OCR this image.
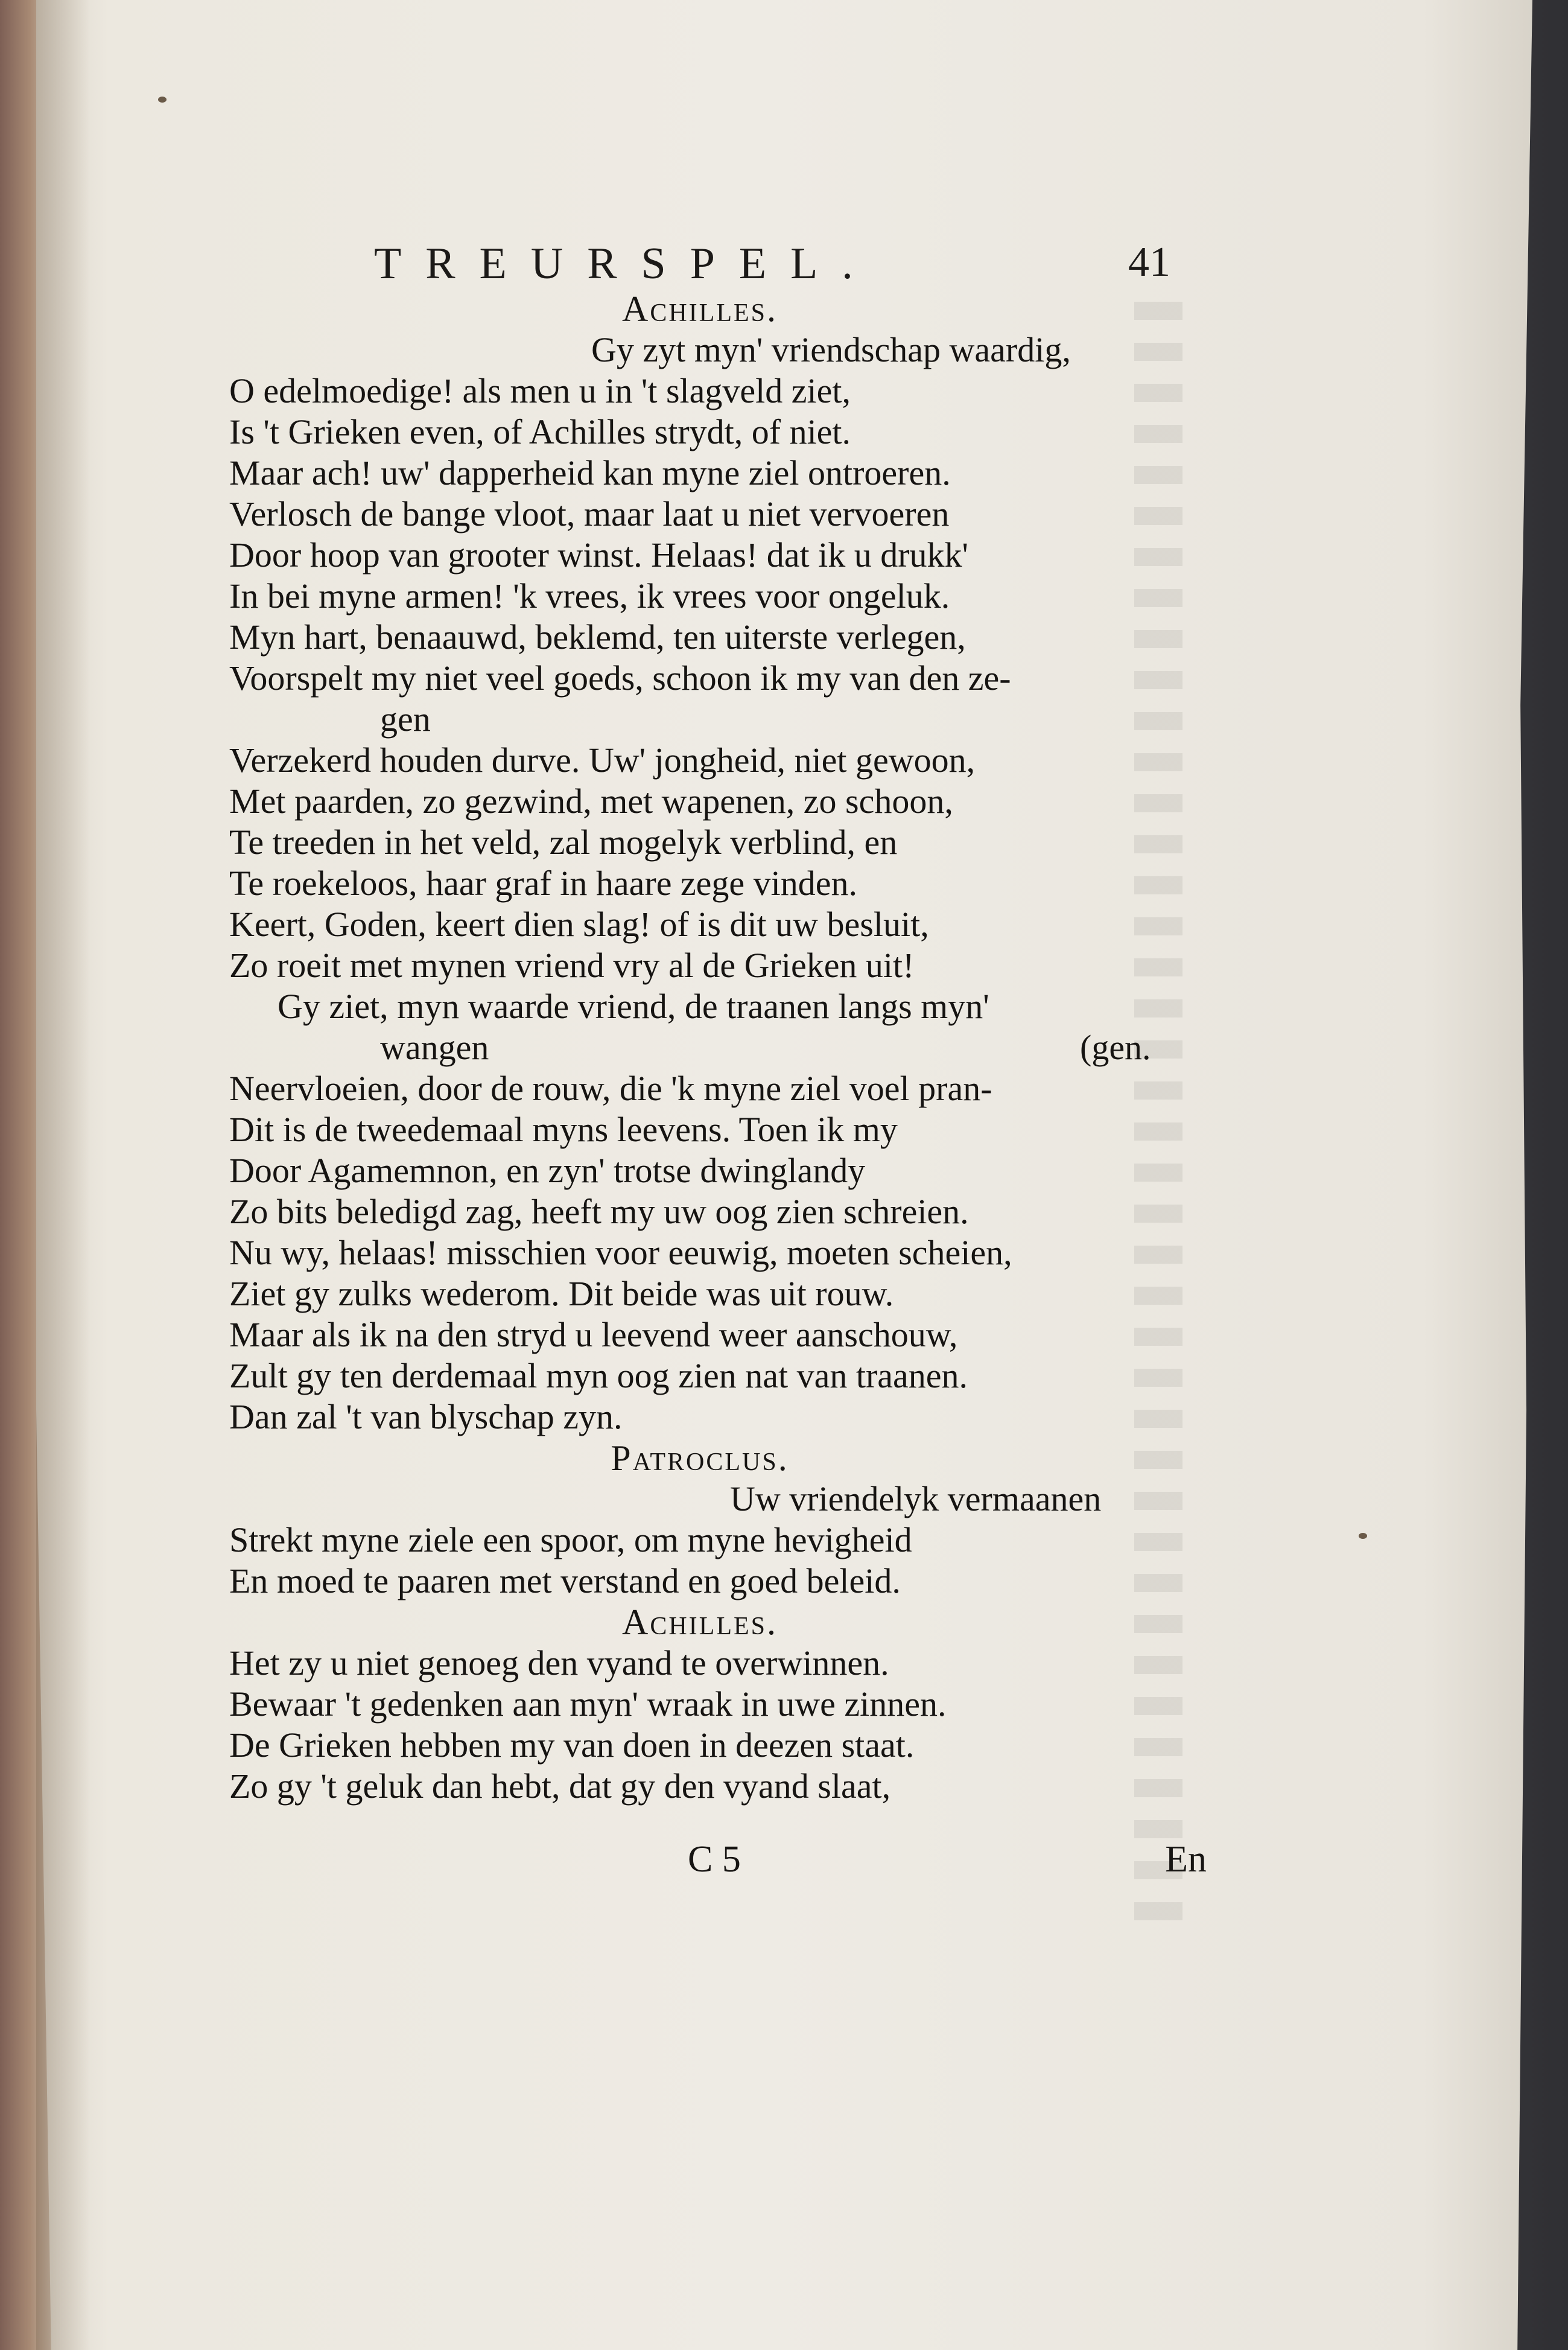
TREURSPEL.	41
Achilles.
Gy zyt myn' vriendschap waardig,
O edelmoedige! als men u in 't slagveld ziet,
Is 't Grieken even, of Achilles strydt, of niet.
Maar ach! uw' dapperheid kan myne ziel ontroeren.
Verlosch de bange vloot, maar laat u niet vervoeren
Door hoop van grooter winst. Helaas! dat ik u drukk'
In bei myne armen! 'k vrees, ik vrees voor ongeluk.
Myn hart, benaauwd, beklemd, ten uiterste verlegen,
Voorspelt my niet veel goeds, schoon ik my van den ze-
gen
Verzekerd houden durve. Uw' jongheid, niet gewoon,
Met paarden, zo gezwind, met wapenen, zo schoon,
Te treeden in het veld, zal mogelyk verblind, en
Te roekeloos, haar graf in haare zege vinden.
Keert, Goden, keert dien slag! of is dit uw besluit,
Zo roeit met mynen vriend vry al de Grieken uit!
Gy ziet, myn waarde vriend, de traanen langs myn'
wangen	(gen.
Neervloeien, door de rouw, die 'k myne ziel voel pran-
Dit is de tweedemaal myns leevens. Toen ik my
Door Agamemnon, en zyn' trotse dwinglandy
Zo bits beledigd zag, heeft my uw oog zien schreien.
Nu wy, helaas! misschien voor eeuwig, moeten scheien,
Ziet gy zulks wederom. Dit beide was uit rouw.
Maar als ik na den stryd u leevend weer aanschouw,
Zult gy ten derdemaal myn oog zien nat van traanen.
Dan zal 't van blyschap zyn.
Patroclus.
Uw vriendelyk vermaanen
Strekt myne ziele een spoor, om myne hevigheid
En moed te paaren met verstand en goed beleid.
Achilles.
Het zy u niet genoeg den vyand te overwinnen.
Bewaar 't gedenken aan myn' wraak in uwe zinnen.
De Grieken hebben my van doen in deezen staat.
Zo gy 't geluk dan hebt, dat gy den vyand slaat,
C 5	En
